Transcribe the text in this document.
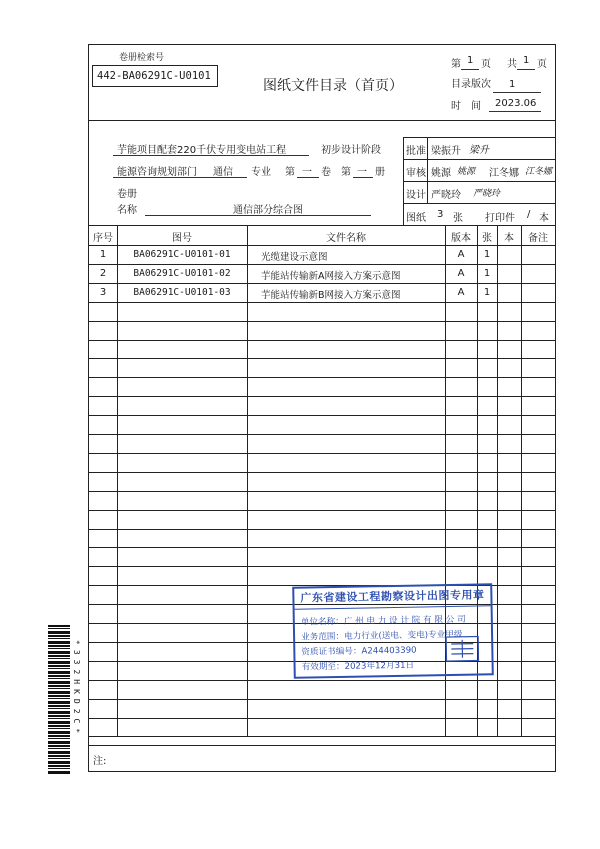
卷册检索号
442-BA06291C-U0101
图纸文件目录（首页）
第 1 页 共 1 页
目录版次 1
时　间 2023.06
芋能项目配套220千伏专用变电站工程	初步设计阶段
能源咨询规划部门 通信 专业 第 一 卷 第 一 册
卷册
名称	通信部分综合图
批准 梁振升 梁升
审核 姚源 姚源 江冬娜 江冬娜
设计 严晓玲 严晓玲
图纸 3 张 打印件 / 本
序号	图号	文件名称	版本	张	本	备注
1	BA06291C-U0101-01	光缆建设示意图	A	1
2	BA06291C-U0101-02	芋能站传输新A网接入方案示意图	A	1
3	BA06291C-U0101-03	芋能站传输新B网接入方案示意图	A	1
注:
广东省建设工程勘察设计出图专用章
单位名称：广 州 电 力 设 计 院 有 限 公 司
业务范围：电力行业(送电、变电)专业甲级
资质证书编号：A244403390
有效期至：2023年12月31日
*332HKD2C*
